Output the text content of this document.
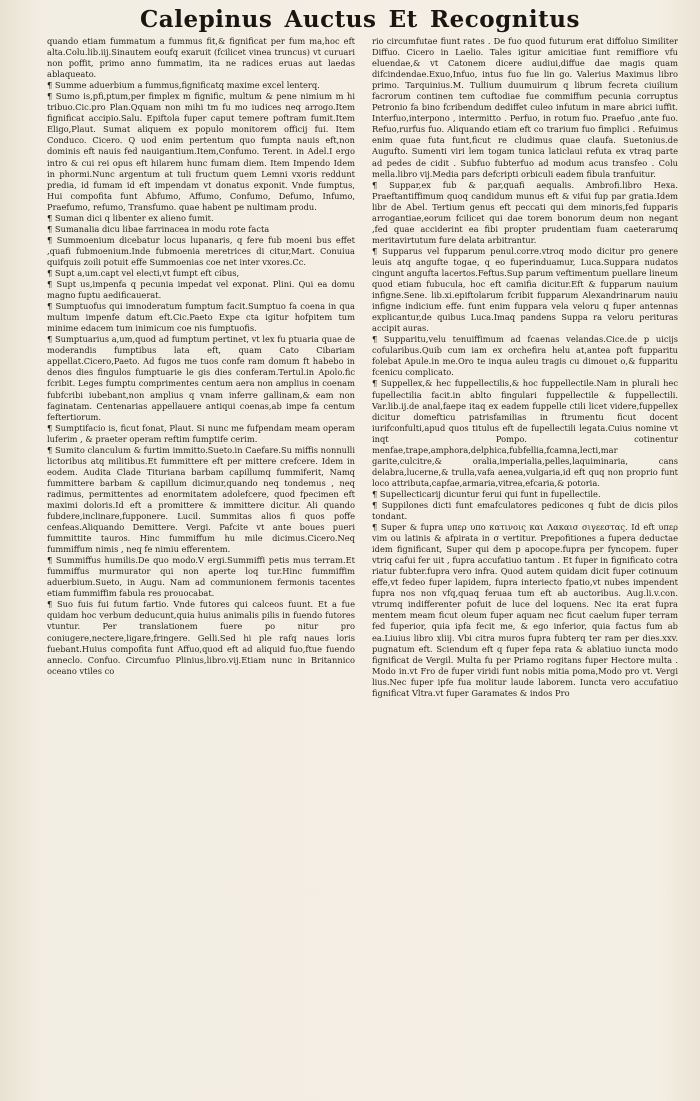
Calepinus Auctus Et Recognitus

quando etiam fummatum a fummus fit,& fignificat per fum ma,hoc eft alta.Colu.lib.iij.Sinautem eoufq exaruit (fcilicet vinea truncus) vt curuari non poffit, primo anno fummatim, ita ne radices eruas aut laedas ablaqueato.

¶ Summe aduerbium a fummus,fignificatq maxime excel lenterq.

¶ Sumo is,pfi,ptum,per fimplex m fignific, multum & pene nimium m hi tribuo.Cic.pro Plan.Qquam non mihi tm fu mo iudices neq arrogo.Item fignificat accipio.Salu. Epiftola fuper caput temere poftram fumit.Item Eligo,Plaut. Sumat aliquem ex populo monitorem officij fui. Item Conduco. Cicero. Q uod enim pertentum quo fumpta nauis eft,non dominis eft nauis fed nauigantium.Item,Confumo. Terent. in Adel.I ergo intro & cui rei opus eft hilarem hunc fumam diem. Item Impendo Idem in phormi.Nunc argentum at tuli fructum quem Lemni vxoris reddunt predia, id fumam id eft impendam vt donatus exponit. Vnde fumptus, Hui compofita funt Abfumo, Affumo, Confumo, Defumo, Infumo, Praefumo, refumo, Transfumo. quae habent pe nultimam produ.

¶ Suman dici q libenter ex alieno fumit.

¶ Sumanalia dicu libae farrinacea in modu rote facta

¶ Summoenium dicebatur locus lupanaris, q fere fub moeni bus effet ,quafi fubmoenium.Inde fubmoenia meretrices di citur,Mart. Conuiua quifquis zoili potuit effe Summoenias coe net inter vxores.Cc.

¶ Supt a,um.capt vel electi,vt fumpt eft cibus,

¶ Supt us,impenfa q pecunia impedat vel exponat. Plini. Qui ea domu magno fuptu aedificauerat.

¶ Sumptuofus qui imnoderatum fumptum facit.Sumptuo fa coena in qua multum impenfe datum eft.Cic.Paeto Expe cta igitur hofpitem tum minime edacem tum inimicum coe nis fumptuofis.

¶ Sumptuarius a,um,quod ad fumptum pertinet, vt lex fu ptuaria quae de moderandis fumptibus lata eft, quam Cato Cibariam appellat.Cicero,Paeto. Ad fugos me tuos confe ram domum ft habebo in denos dies fingulos fumptuarie le gis dies conferam.Tertul.in Apolo.fic fcribit. Leges fumptu comprimentes centum aera non amplius in coenam fubfcribi iubebant,non amplius q vnam inferre gallinam,& eam non faginatam. Centenarias appellauere antiqui coenas,ab impe fa centum feftertiorum.

¶ Sumptifacio is, ficut fonat, Plaut. Si nunc me fufpendam meam operam luferim , & praeter operam reftim fumptife cerim.

¶ Sumito clanculum & furtim immitto.Sueto.in Caefare.Su miffis nonnulli lictoribus atq militibus.Et fummittere eft per mittere crefcere. Idem in eodem. Audita Clade Tituriana barbam capillumq fummiferit, Namq fummittere barbam & capillum dicimur,quando neq tondemus , neq radimus, permittentes ad enormitatem adolefcere, quod fpecimen eft maximi doloris.Id eft a promittere & immittere dicitur. Ali quando fubdere,inclinare,fupponere. Lucil. Summitas alios fi quos poffe cenfeas.Aliquando Demittere. Vergi. Pafcite vt ante boues pueri fummittite tauros. Hinc fummiffum hu mile dicimus.Cicero.Neq fummiffum nimis , neq fe nimiu efferentem.

¶ Summiffus humilis.De quo modo.V ergi.Summiffi petis mus terram.Et fummiffus murmurator qui non aperte loq tur.Hinc fummiffim aduerbium.Sueto, in Augu. Nam ad communionem fermonis tacentes etiam fummiffim fabula res prouocabat.

¶ Suo fuis fui futum fartio. Vnde futores qui calceos fuunt. Et a fue quidam hoc verbum deducunt,quia huius animalis pilis in fuendo futores vtuntur. Per translationem fuere po nitur pro coniugere,nectere,ligare,fringere. Gelli.Sed hi ple rafq naues loris fuebant.Huius compofita funt Affuo,quod eft ad aliquid fuo,ftue fuendo anneclo. Confuo. Circumfuo Plinius,libro.vij.Etiam nunc in Britannico oceano vtiles co

rio circumfutae fiunt rates . De fuo quod futurum erat diffoluo Similiter Diffuo. Cicero in Laelio. Tales igitur amicitiae funt remiffiore vfu eluendae,& vt Catonem dicere audiui,diffue dae magis quam difcindendae.Exuo,Infuo, intus fuo fue lin go. Valerius Maximus libro primo. Tarquinius.M. Tullium duumuirum q librum fecreta ciuilium facrorum continen tem cuftodiae fue commiffum pecunia corruptus Petronio fa bino fcribendum dediffet culeo infutum in mare abrici iuffit. Interfuo,interpono , intermitto . Perfuo, in rotum fuo. Praefuo ,ante fuo. Refuo,rurfus fuo. Aliquando etiam eft co trarium fuo fimplici . Refuimus enim quae futa funt,ficut re cludimus quae claufa. Suetonius.de Augufto. Sumenti viri lem togam tunica laticlaui refuta ex vtraq parte ad pedes de cidit . Subfuo fubterfuo ad modum acus transfeo . Colu mella.libro vij.Media pars defcripti orbiculi eadem fibula tranfuitur.

¶ Suppar,ex fub & par,quafi aequalis. Ambrofi.libro Hexa. Praeftantiffimum quoq candidum munus eft & vifui fup par gratia.Idem libr de Abel. Tertium genus eft peccati qui dem minoris,fed fupparis arrogantiae,eorum fcilicet qui dae torem bonorum deum non negant ,fed quae acciderint ea fibi propter prudentiam fuam caeterarumq meritavirtutum fure delata arbitrantur.

¶ Supparus vel fupparum penul.corre.vtroq modo dicitur pro genere leuis atq angufte togae, q eo fuperinduamur, Luca.Suppara nudatos cingunt angufta lacertos.Feftus.Sup parum veftimentum puellare lineum quod etiam fubucula, hoc eft camifia dicitur.Eft & fupparum nauium infigne.Sene. lib.xi.epiftolarum fcribit fupparum Alexandrinarum nauiu infigne indicium effe. funt enim fuppara vela veloru q fuper antennas explicantur,de quibus Luca.Imaq pandens Suppa ra veloru perituras accipit auras.

¶ Supparitu,velu tenuiffimum ad fcaenas velandas.Cice.de p uicijs cofularibus.Quib cum iam ex orchefira helu at,antea poft fupparitu folebat Apule.in me.Oro te inqua auleu tragis cu dimouet o,& fupparitu fcenicu complicato.

¶ Suppellex,& hec fuppellectilis,& hoc fuppellectile.Nam in plurali hec fupellectilia facit.in ablto fingulari fuppellectile & fuppellectili. Var.lib.ij.de anal,faepe itaq ex eadem fuppelle ctili licet videre,fuppellex dicitur domefticu patrisfamilias in ftrumentu ficut docent iurifconfulti,apud quos titulus eft de fupellectili legata.Cuius nomine vt inqt Pompo. cotinentur menfae,trape,amphora,delphica,fubfellia,fcamna,lecti,mar garite,culcitre,& oralia,imperialia,pelles,laquiminaria, cans delabra,lucerne,& trulla,vafa aenea,vulgaria,id eft quq non proprio funt loco attributa,capfae,armaria,vitrea,efcaria,& potoria.

¶ Supellecticarij dicuntur ferui qui funt in fupellectile.

¶ Suppilones dicti funt emafculatores pedicones q fubt de dicis pilos tondant.

¶ Super & fupra υπερ υπο κατινοις και Λακαισ σιγεεστας. Id eft υπερ vim ou latinis & afpirata in σ vertitur. Prepofitiones a fupera deductae idem fignificant, Super qui dem p apocope.fupra per fyncopem. fuper vtriq cafui fer uit , fupra accufatiuo tantum . Et fuper in fignificato cotra riatur fubter.fupra vero infra. Quod autem quidam dicit fuper cotinuum effe,vt fedeo fuper lapidem, fupra interiecto fpatio,vt nubes impendent fupra nos non vfq,quaq feruaa tum eft ab auctoribus. Aug.li.v.con. vtrumq indifferenter pofuit de luce del loquens. Nec ita erat fupra mentem meam ficut oleum fuper aquam nec ficut caelum fuper terram fed fuperior, quia ipfa fecit me, & ego inferior, quia factus fum ab ea.Liuius libro xliij. Vbi citra muros fupra fubterq ter ram per dies.xxv. pugnatum eft. Sciendum eft q fuper fepa rata & ablatiuo iuncta modo fignificat de Vergil. Multa fu per Priamo rogitans fuper Hectore multa . Modo in.vt Fro de fuper viridi funt nobis mitia poma,Modo pro vt. Vergi lius.Nec fuper ipfe fua molitur laude laborem. Iuncta vero accufatiuo fignificat Vltra.vt fuper Garamates & indos Pro
